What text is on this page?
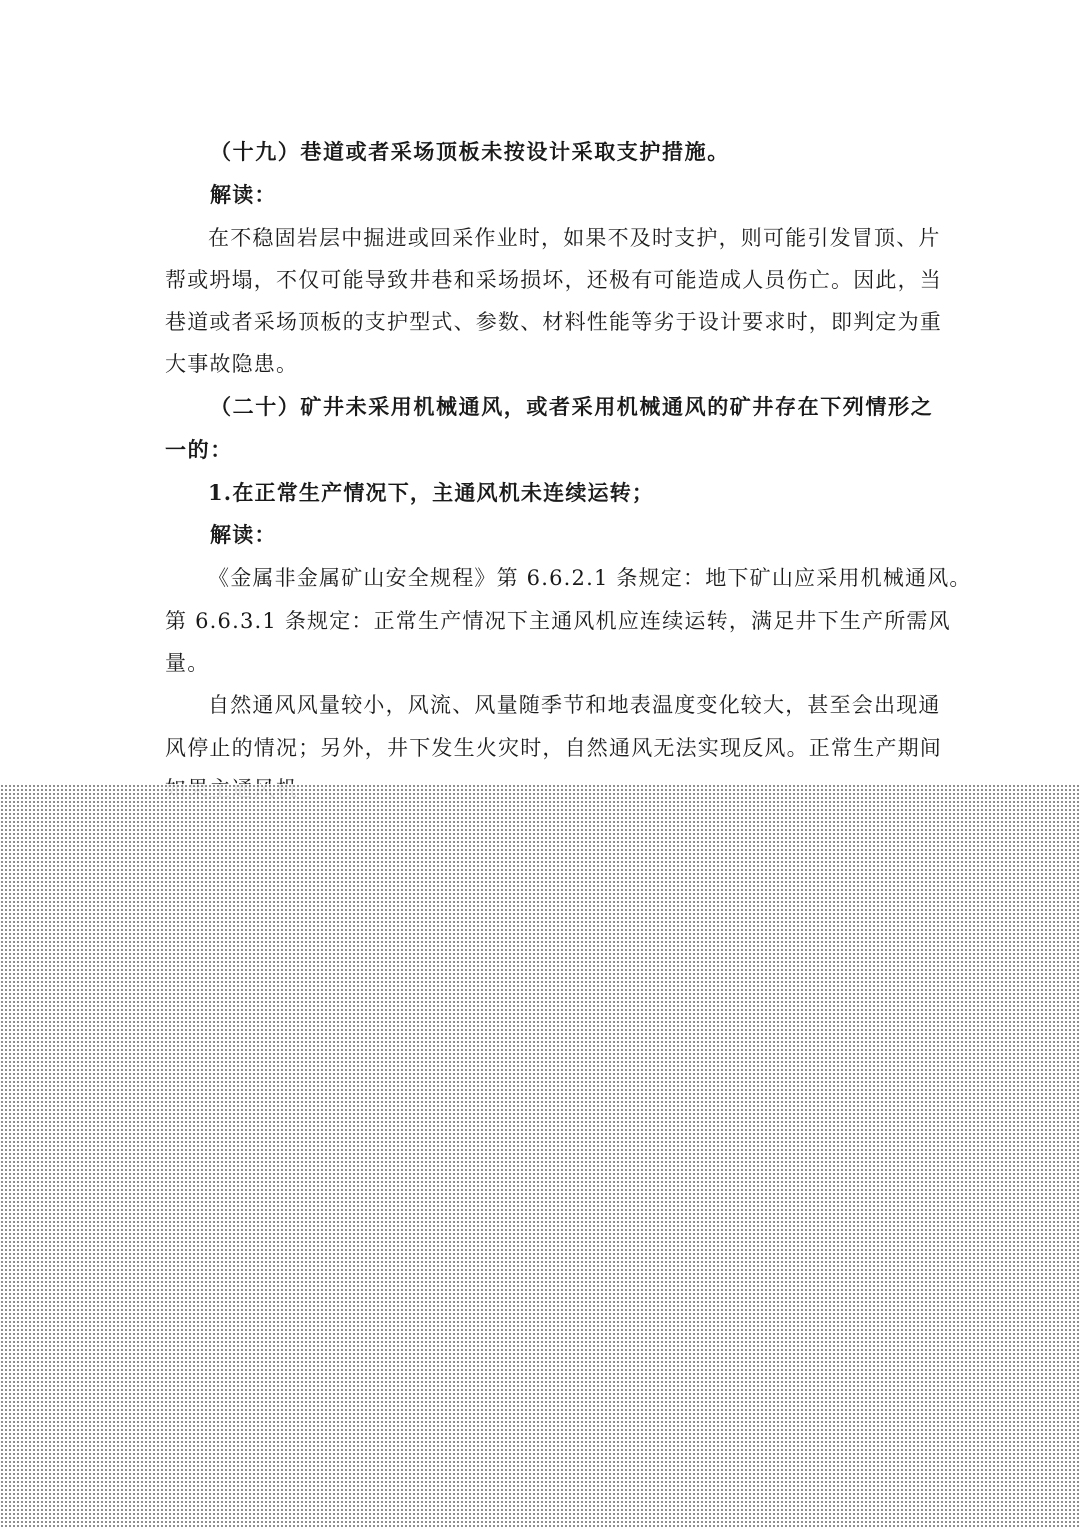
（十九）巷道或者采场顶板未按设计采取支护措施。
解读：
在不稳固岩层中掘进或回采作业时，如果不及时支护，则可能引发冒顶、片
帮或坍塌，不仅可能导致井巷和采场损坏，还极有可能造成人员伤亡。因此，当
巷道或者采场顶板的支护型式、参数、材料性能等劣于设计要求时，即判定为重
大事故隐患。
（二十）矿井未采用机械通风，或者采用机械通风的矿井存在下列情形之
一的：
1.在正常生产情况下，主通风机未连续运转；
解读：
《金属非金属矿山安全规程》第 6.6.2.1 条规定：地下矿山应采用机械通风。
第 6.6.3.1 条规定：正常生产情况下主通风机应连续运转，满足井下生产所需风
量。
自然通风风量较小，风流、风量随季节和地表温度变化较大，甚至会出现通
风停止的情况；另外，井下发生火灾时，自然通风无法实现反风。正常生产期间
